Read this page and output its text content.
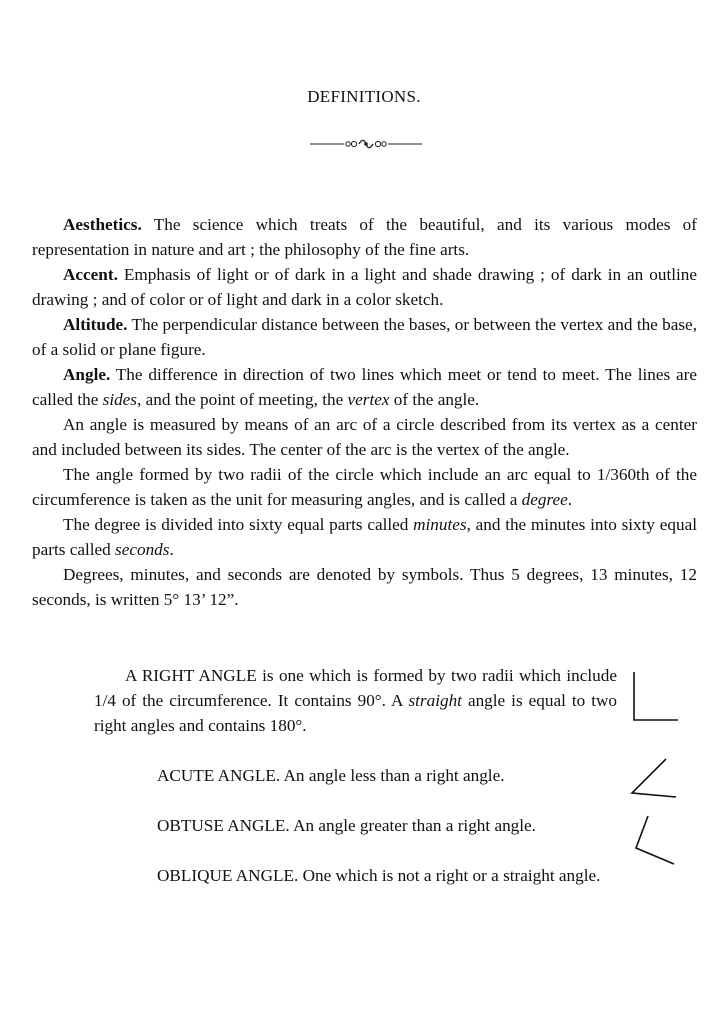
DEFINITIONS.

Aesthetics. The science which treats of the beautiful, and its various modes of representation in nature and art ; the philosophy of the fine arts.

Accent. Emphasis of light or of dark in a light and shade drawing ; of dark in an outline drawing ; and of color or of light and dark in a color sketch.

Altitude. The perpendicular distance between the bases, or between the vertex and the base, of a solid or plane figure.

Angle. The difference in direction of two lines which meet or tend to meet. The lines are called the sides, and the point of meeting, the vertex of the angle.

An angle is measured by means of an arc of a circle described from its vertex as a center and included between its sides. The center of the arc is the vertex of the angle.

The angle formed by two radii of the circle which include an arc equal to 1/360th of the circumference is taken as the unit for measuring angles, and is called a degree.

The degree is divided into sixty equal parts called minutes, and the minutes into sixty equal parts called seconds.

Degrees, minutes, and seconds are denoted by symbols. Thus 5 degrees, 13 minutes, 12 seconds, is written 5° 13’ 12”.

A RIGHT ANGLE is one which is formed by two radii which include 1/4 of the circumference. It contains 90°. A straight angle is equal to two right angles and contains 180°.

ACUTE ANGLE. An angle less than a right angle.

OBTUSE ANGLE. An angle greater than a right angle.

OBLIQUE ANGLE. One which is not a right or a straight angle.
